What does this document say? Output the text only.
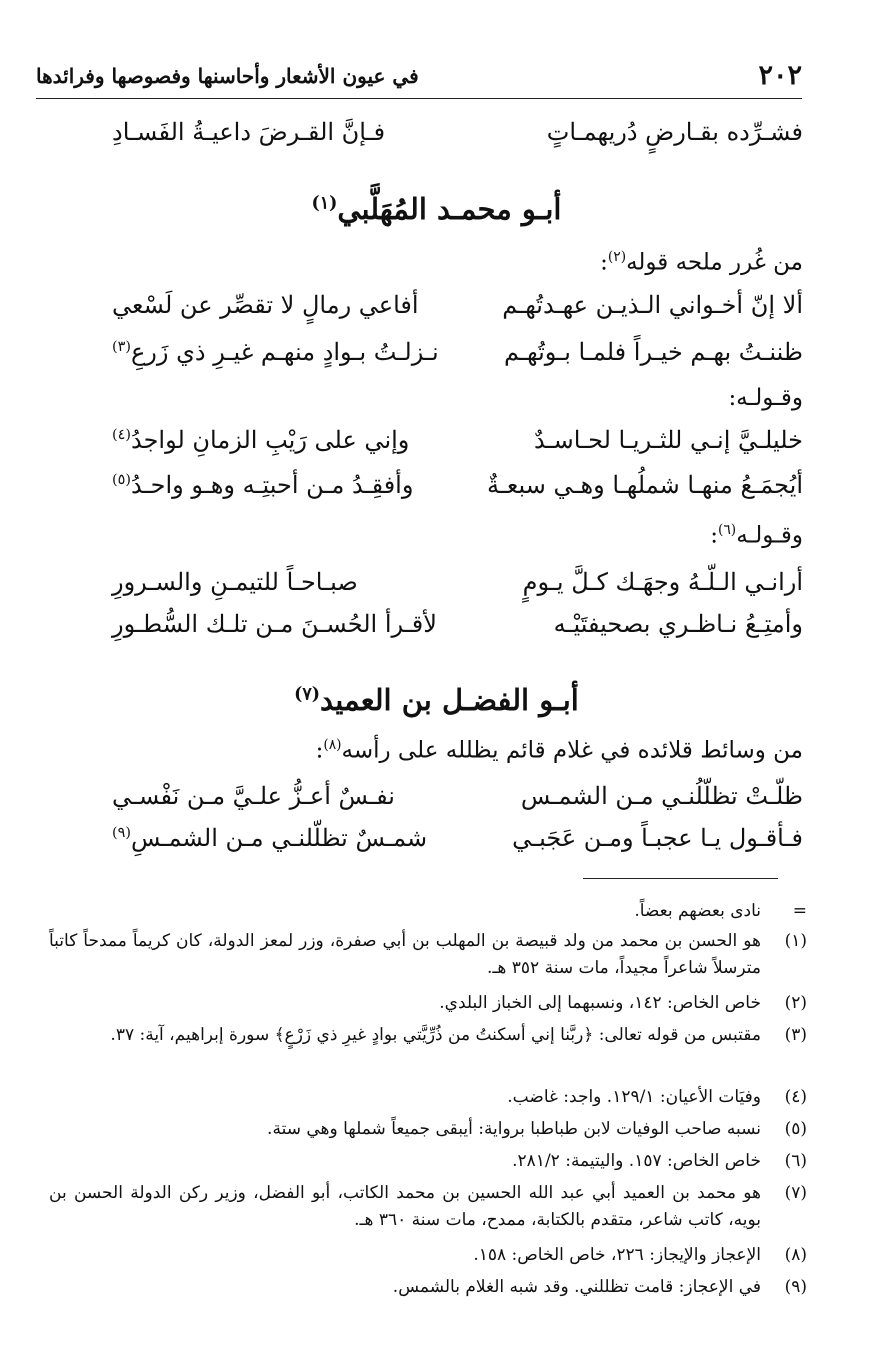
٢٠٢
في عيون الأشعار وأحاسنها وفصوصها وفرائدها
فشـرِّده بقـارضٍ دُريهمـاتٍ
فـإنَّ القـرضَ داعيـةُ الفَسـادِ
أبـو محمـد المُهَلَّبي$^{(١)}$
من غُرر ملحه قوله$^{(٢)}$:
ألا إنّ أخـواني الـذيـن عهـدتُهـم
أفاعي رمالٍ لا تقصِّر عن لَسْعي
ظننـتُ بهـم خيـراً فلمـا بـوتُهـم
نـزلـتُ بـوادٍ منهـم غيـرِ ذي زَرعِ$^{(٣)}$
وقـولـه:
خليلـيَّ إنـي للثـريـا لحـاسـدٌ
وإني على رَيْبِ الزمانِ لواجدُ$^{(٤)}$
أيُجمَـعُ منهـا شملُهـا وهـي سبعـةٌ
وأفقِـدُ مـن أحبتِـه وهـو واحـدُ$^{(٥)}$
وقـولـه$^{(٦)}$:
أرانـي الـلّـهُ وجهَـك كـلَّ يـومٍ
صبـاحـاً للتيمـنِ والسـرورِ
وأمتِـعُ نـاظـري بصحيفتَيْـه
لأقـرأ الحُسـنَ مـن تلـك السُّطـورِ
أبـو الفضـل بن العميد$^{(٧)}$
من وسائط قلائده في غلام قائم يظلله على رأسه$^{(٨)}$:
ظلّـتْ تظلّلُنـي مـن الشمـس
نفـسٌ أعـزُّ علـيَّ مـن نَفْسـي
فـأقـول يـا عجبـاً ومـن عَجَبـي
شمـسٌ تظلّلنـي مـن الشمـسِ$^{(٩)}$
=
نادى بعضهم بعضاً.
(١)
هو الحسن بن محمد من ولد قبيصة بن المهلب بن أبي صفرة، وزر لمعز الدولة، كان كريماً ممدحاً كاتباً مترسلاً شاعراً مجيداً، مات سنة ٣٥٢ هـ.
(٢)
خاص الخاص: ١٤٢، ونسبهما إلى الخباز البلدي.
(٣)
مقتبس من قوله تعالى: ﴿ربَّنا إني أسكنتُ من ذُرِّيَّتي بوادٍ غيرِ ذي زَرْعٍ﴾ سورة إبراهيم، آية: ٣٧.
(٤)
وفيَات الأعيان: ١٢٩/١. واجد: غاضب.
(٥)
نسبه صاحب الوفيات لابن طباطبا برواية: أيبقى جميعاً شملها وهي ستة.
(٦)
خاص الخاص: ١٥٧. واليتيمة: ٢٨١/٢.
(٧)
هو محمد بن العميد أبي عبد الله الحسين بن محمد الكاتب، أبو الفضل، وزير ركن الدولة الحسن بن بويه، كاتب شاعر، متقدم بالكتابة، ممدح، مات سنة ٣٦٠ هـ.
(٨)
الإعجاز والإيجاز: ٢٢٦، خاص الخاص: ١٥٨.
(٩)
في الإعجاز: قامت تظللني. وقد شبه الغلام بالشمس.
